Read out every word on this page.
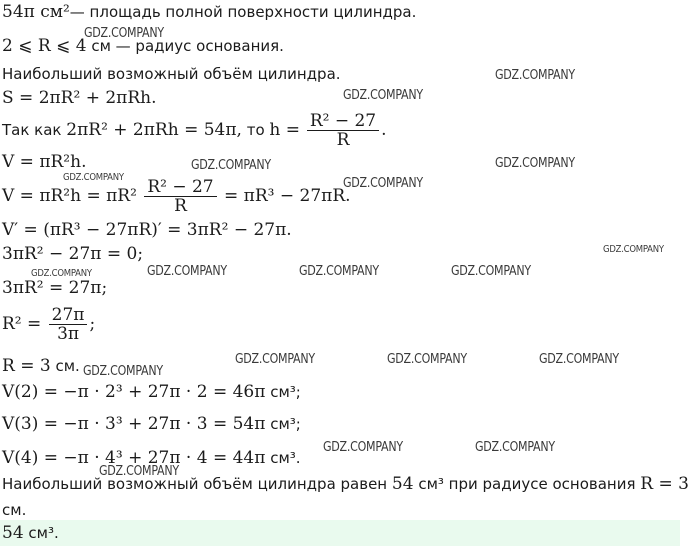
54π см²— площадь полной поверхности цилиндра.
2 ⩽ R ⩽ 4 см — радиус основания.
Наибольший возможный объём цилиндра.
S = 2πR² + 2πRh.
Так как 2πR² + 2πRh = 54π, то $h = \frac{\text{R² − 27}}{R}$ .
V = πR²h.
$V = \pi R^2h = \pi R^2 \frac{\text{R² − 27}}{R} = \pi R^3 - 27\pi R$.
V′ = (πR³ − 27πR)′ = 3πR² − 27π.
3πR² − 27π = 0;
3πR² = 27π;
$R^2 = \frac{27\pi}{3\pi}$ ;
R = 3 см.
V(2) = −π · 2³ + 27π · 2 = 46π см³;
V(3) = −π · 3³ + 27π · 3 = 54π см³;
V(4) = −π · 4³ + 27π · 4 = 44π см³.
Наибольший возможный объём цилиндра равен 54 см³ при радиусе основания R = 3
см.
54 см³.
GDZ.COMPANY
GDZ.COMPANY
GDZ.COMPANY
GDZ.COMPANY	GDZ.COMPANY
GDZ.COMPANY	GDZ.COMPANY
GDZ.COMPANY
GDZ.COMPANY	GDZ.COMPANY	GDZ.COMPANY
GDZ.COMPANY
GDZ.COMPANY
GDZ.COMPANY	GDZ.COMPANY	GDZ.COMPANY
GDZ.COMPANY	GDZ.COMPANY
GDZ.COMPANY
